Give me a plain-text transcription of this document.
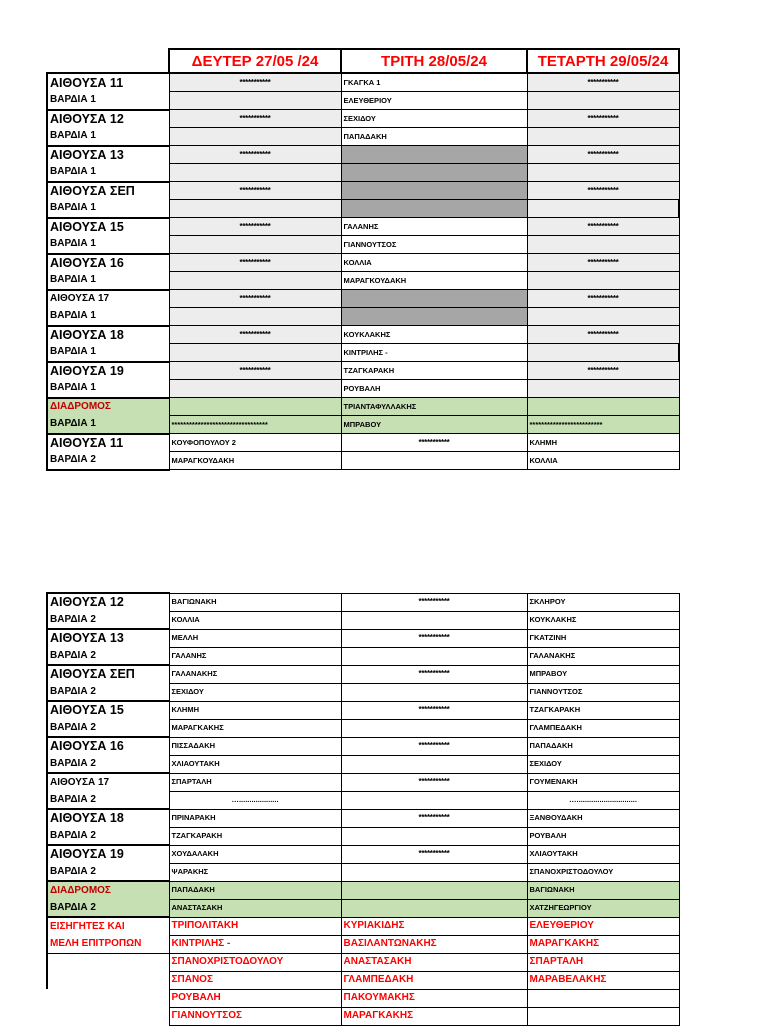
	ΔΕΥΤΕΡ 27/05 /24	ΤΡΙΤΗ 28/05/24	ΤΕΤΑΡΤΗ 29/05/24
ΑΙΘΟΥΣΑ 11	***********	ΓΚΑΓΚΑ 1	***********
ΒΑΡΔΙΑ 1		ΕΛΕΥΘΕΡΙΟΥ	
ΑΙΘΟΥΣΑ 12	***********	ΣΕΧΙΔΟΥ	***********
ΒΑΡΔΙΑ 1		ΠΑΠΑΔΑΚΗ	
ΑΙΘΟΥΣΑ 13	***********		***********
ΒΑΡΔΙΑ 1			
ΑΙΘΟΥΣΑ ΣΕΠ	***********		***********
ΒΑΡΔΙΑ 1			
ΑΙΘΟΥΣΑ 15	***********	ΓΑΛΑΝΗΣ	***********
ΒΑΡΔΙΑ 1		ΓΙΑΝΝΟΥΤΣΟΣ	
ΑΙΘΟΥΣΑ 16	***********	ΚΟΛΛΙΑ	***********
ΒΑΡΔΙΑ 1		ΜΑΡΑΓΚΟΥΔΑΚΗ	
ΑΙΘΟΥΣΑ 17	***********		***********
ΒΑΡΔΙΑ 1			
ΑΙΘΟΥΣΑ 18	***********	ΚΟΥΚΛΑΚΗΣ	***********
ΒΑΡΔΙΑ 1		ΚΙΝΤΡΙΛΗΣ -	
ΑΙΘΟΥΣΑ 19	***********	ΤΖΑΓΚΑΡΑΚΗ	***********
ΒΑΡΔΙΑ 1		ΡΟΥΒΑΛΗ	
ΔΙΑΔΡΟΜΟΣ		ΤΡΙΑΝΤΑΦΥΛΛΑΚΗΣ	
ΒΑΡΔΙΑ 1	*********************************	ΜΠΡΑΒΟΥ	*************************
ΑΙΘΟΥΣΑ 11	ΚΟΥΦΟΠΟΥΛΟΥ 2	***********	ΚΛΗΜΗ
ΒΑΡΔΙΑ 2	ΜΑΡΑΓΚΟΥΔΑΚΗ		ΚΟΛΛΙΑ
ΑΙΘΟΥΣΑ 12	ΒΑΓΙΩΝΑΚΗ	***********	ΣΚΛΗΡΟΥ
ΒΑΡΔΙΑ 2	ΚΟΛΛΙΑ		ΚΟΥΚΛΑΚΗΣ
ΑΙΘΟΥΣΑ 13	ΜΕΛΛΗ	***********	ΓΚΑΤΖΙΝΗ
ΒΑΡΔΙΑ 2	ΓΑΛΑΝΗΣ		ΓΑΛΑΝΑΚΗΣ
ΑΙΘΟΥΣΑ ΣΕΠ	ΓΑΛΑΝΑΚΗΣ	***********	ΜΠΡΑΒΟΥ
ΒΑΡΔΙΑ 2	ΣΕΧΙΔΟΥ		ΓΙΑΝΝΟΥΤΣΟΣ
ΑΙΘΟΥΣΑ 15	ΚΛΗΜΗ	***********	ΤΖΑΓΚΑΡΑΚΗ
ΒΑΡΔΙΑ 2	ΜΑΡΑΓΚΑΚΗΣ		ΓΛΑΜΠΕΔΑΚΗ
ΑΙΘΟΥΣΑ 16	ΠΙΣΣΑΔΑΚΗ	***********	ΠΑΠΑΔΑΚΗ
ΒΑΡΔΙΑ 2	ΧΛΙΑΟΥΤΑΚΗ		ΣΕΧΙΔΟΥ
ΑΙΘΟΥΣΑ 17	ΣΠΑΡΤΑΛΗ	***********	ΓΟΥΜΕΝΑΚΗ
ΒΑΡΔΙΑ 2	…...................		….............................
ΑΙΘΟΥΣΑ 18	ΠΡΙΝΑΡΑΚΗ	***********	ΞΑΝΘΟΥΔΑΚΗ
ΒΑΡΔΙΑ 2	ΤΖΑΓΚΑΡΑΚΗ		ΡΟΥΒΑΛΗ
ΑΙΘΟΥΣΑ 19	ΧΟΥΔΑΛΑΚΗ	***********	ΧΛΙΑΟΥΤΑΚΗ
ΒΑΡΔΙΑ 2	ΨΑΡΑΚΗΣ		ΣΠΑΝΟΧΡΙΣΤΟΔΟΥΛΟΥ
ΔΙΑΔΡΟΜΟΣ	ΠΑΠΑΔΑΚΗ		ΒΑΓΙΩΝΑΚΗ
ΒΑΡΔΙΑ 2	ΑΝΑΣΤΑΣΑΚΗ		ΧΑΤΖΗΓΕΩΡΓΙΟΥ
ΕΙΣΗΓΗΤΕΣ ΚΑΙ	ΤΡΙΠΟΛΙΤΑΚΗ	ΚΥΡΙΑΚΙΔΗΣ	ΕΛΕΥΘΕΡΙΟΥ
ΜΕΛΗ ΕΠΙΤΡΟΠΩΝ	ΚΙΝΤΡΙΛΗΣ -	ΒΑΣΙΛΑΝΤΩΝΑΚΗΣ	ΜΑΡΑΓΚΑΚΗΣ
	ΣΠΑΝΟΧΡΙΣΤΟΔΟΥΛΟΥ	ΑΝΑΣΤΑΣΑΚΗ	ΣΠΑΡΤΑΛΗ
	ΣΠΑΝΟΣ	ΓΛΑΜΠΕΔΑΚΗ	ΜΑΡΑΒΕΛΑΚΗΣ
	ΡΟΥΒΑΛΗ	ΠΑΚΟΥΜΑΚΗΣ	
	ΓΙΑΝΝΟΥΤΣΟΣ	ΜΑΡΑΓΚΑΚΗΣ	
